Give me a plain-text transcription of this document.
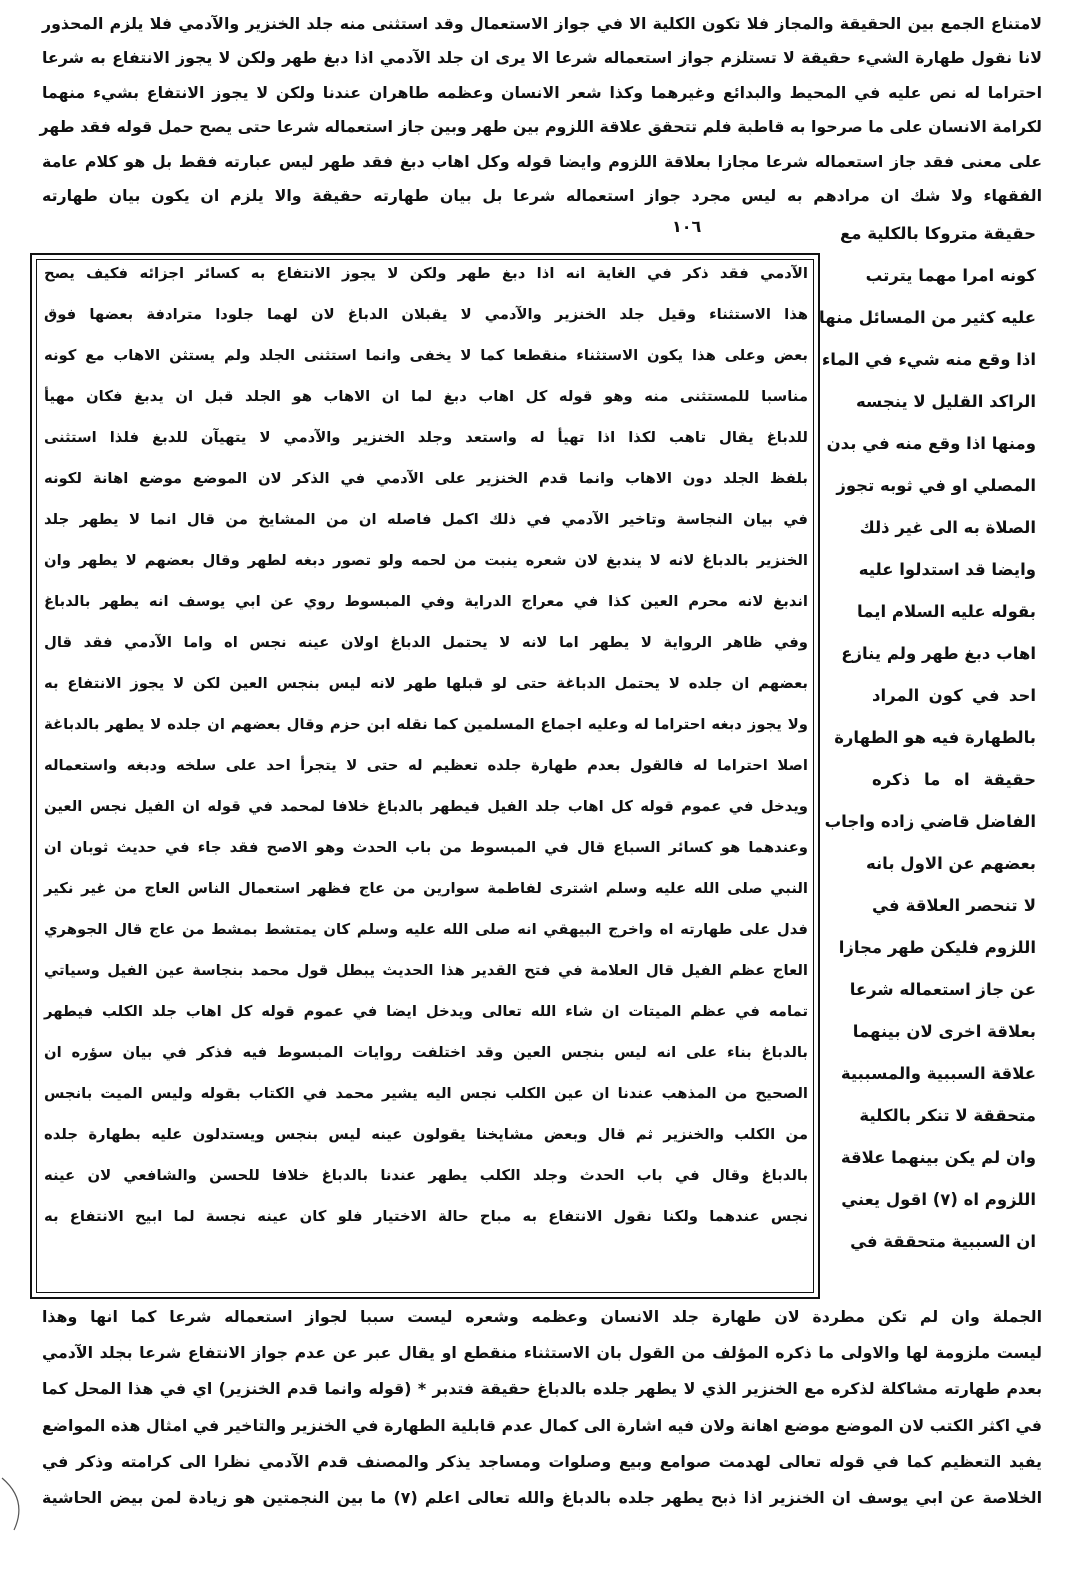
لامتناع الجمع بين الحقيقة والمجاز فلا تكون الكلية الا في جواز الاستعمال وقد استثنى منه جلد الخنزير والآدمي فلا يلزم المحذور
لانا نقول طهارة الشيء حقيقة لا تستلزم جواز استعماله شرعا الا يرى ان جلد الآدمي اذا دبغ طهر ولكن لا يجوز الانتفاع به شرعا
احتراما له نص عليه في المحيط والبدائع وغيرهما وكذا شعر الانسان وعظمه طاهران عندنا ولكن لا يجوز الانتفاع بشيء منهما
لكرامة الانسان على ما صرحوا به قاطبة فلم تتحقق علاقة اللزوم بين طهر وبين جاز استعماله شرعا حتى يصح حمل قوله فقد طهر
على معنى فقد جاز استعماله شرعا مجازا بعلاقة اللزوم وايضا قوله وكل اهاب دبغ فقد طهر ليس عبارته فقط بل هو كلام عامة
الفقهاء ولا شك ان مرادهم به ليس مجرد جواز استعماله شرعا بل بيان طهارته حقيقة والا يلزم ان يكون بيان طهارته
حقيقة متروكا بالكلية مع
كونه امرا مهما يترتب
عليه كثير من المسائل منها
اذا وقع منه شيء في الماء
الراكد القليل لا ينجسه
ومنها اذا وقع منه في بدن
المصلي او في ثوبه تجوز
الصلاة به الى غير ذلك
وايضا قد استدلوا عليه
بقوله عليه السلام ايما
اهاب دبغ طهر ولم ينازع
احد في كون المراد
بالطهارة فيه هو الطهارة
حقيقة اه ما ذكره
الفاضل قاضي زاده واجاب
بعضهم عن الاول بانه
لا تنحصر العلاقة في
اللزوم فليكن طهر مجازا
عن جاز استعماله شرعا
بعلاقة اخرى لان بينهما
علاقة السببية والمسببية
متحققة لا تنكر بالكلية
وان لم يكن بينهما علاقة
اللزوم اه (٧) اقول يعني
ان السببية متحققة في
الآدمي فقد ذكر في الغاية انه اذا دبغ طهر ولكن لا يجوز الانتفاع به كسائر اجزائه فكيف يصح
هذا الاستثناء وقيل جلد الخنزير والآدمي لا يقبلان الدباغ لان لهما جلودا مترادفة بعضها فوق
بعض وعلى هذا يكون الاستثناء منقطعا كما لا يخفى وانما استثنى الجلد ولم يستثن الاهاب مع كونه
مناسبا للمستثنى منه وهو قوله كل اهاب دبغ لما ان الاهاب هو الجلد قبل ان يدبغ فكان مهيأ
للدباغ يقال تاهب لكذا اذا تهيأ له واستعد وجلد الخنزير والآدمي لا يتهيآن للدبغ فلذا استثنى
بلفظ الجلد دون الاهاب وانما قدم الخنزير على الآدمي في الذكر لان الموضع موضع اهانة لكونه
في بيان النجاسة وتاخير الآدمي في ذلك اكمل فاصله ان من المشايخ من قال انما لا يطهر جلد
الخنزير بالدباغ لانه لا يندبغ لان شعره ينبت من لحمه ولو تصور دبغه لطهر وقال بعضهم لا يطهر وان
اندبغ لانه محرم العين كذا في معراج الدراية وفي المبسوط روي عن ابي يوسف انه يطهر بالدباغ
وفي ظاهر الرواية لا يطهر اما لانه لا يحتمل الدباغ اولان عينه نجس اه واما الآدمي فقد قال
بعضهم ان جلده لا يحتمل الدباغة حتى لو قبلها طهر لانه ليس بنجس العين لكن لا يجوز الانتفاع به
ولا يجوز دبغه احتراما له وعليه اجماع المسلمين كما نقله ابن حزم وقال بعضهم ان جلده لا يطهر بالدباغة
اصلا احتراما له فالقول بعدم طهارة جلده تعظيم له حتى لا يتجرأ احد على سلخه ودبغه واستعماله
ويدخل في عموم قوله كل اهاب جلد الفيل فيطهر بالدباغ خلافا لمحمد في قوله ان الفيل نجس العين
وعندهما هو كسائر السباع قال في المبسوط من باب الحدث وهو الاصح فقد جاء في حديث ثوبان ان
النبي صلى الله عليه وسلم اشترى لفاطمة سوارين من عاج فظهر استعمال الناس العاج من غير نكير
فدل على طهارته اه واخرج البيهقي انه صلى الله عليه وسلم كان يمتشط بمشط من عاج قال الجوهري
العاج عظم الفيل قال العلامة في فتح القدير هذا الحديث يبطل قول محمد بنجاسة عين الفيل وسياتي
تمامه في عظم الميتات ان شاء الله تعالى ويدخل ايضا في عموم قوله كل اهاب جلد الكلب فيطهر
بالدباغ بناء على انه ليس بنجس العين وقد اختلفت روايات المبسوط فيه فذكر في بيان سؤره ان
الصحيح من المذهب عندنا ان عين الكلب نجس اليه يشير محمد في الكتاب بقوله وليس الميت بانجس
من الكلب والخنزير ثم قال وبعض مشايخنا يقولون عينه ليس بنجس ويستدلون عليه بطهارة جلده
بالدباغ وقال في باب الحدث وجلد الكلب يطهر عندنا بالدباغ خلافا للحسن والشافعي لان عينه
نجس عندهما ولكنا نقول الانتفاع به مباح حالة الاختيار فلو كان عينه نجسة لما ابيح الانتفاع به
١٠٦
الجملة وان لم تكن مطردة لان طهارة جلد الانسان وعظمه وشعره ليست سببا لجواز استعماله شرعا كما انها وهذا
ليست ملزومة لها والاولى ما ذكره المؤلف من القول بان الاستثناء منقطع او يقال عبر عن عدم جواز الانتفاع شرعا بجلد الآدمي
بعدم طهارته مشاكلة لذكره مع الخنزير الذي لا يطهر جلده بالدباغ حقيقة فتدبر * (قوله وانما قدم الخنزير) اي في هذا المحل كما
في اكثر الكتب لان الموضع موضع اهانة ولان فيه اشارة الى كمال عدم قابلية الطهارة في الخنزير والتاخير في امثال هذه المواضع
يفيد التعظيم كما في قوله تعالى لهدمت صوامع وبيع وصلوات ومساجد يذكر والمصنف قدم الآدمي نظرا الى كرامته وذكر في
الخلاصة عن ابي يوسف ان الخنزير اذا ذبح يطهر جلده بالدباغ والله تعالى اعلم (٧) ما بين النجمتين هو زيادة لمن بيض الحاشية
